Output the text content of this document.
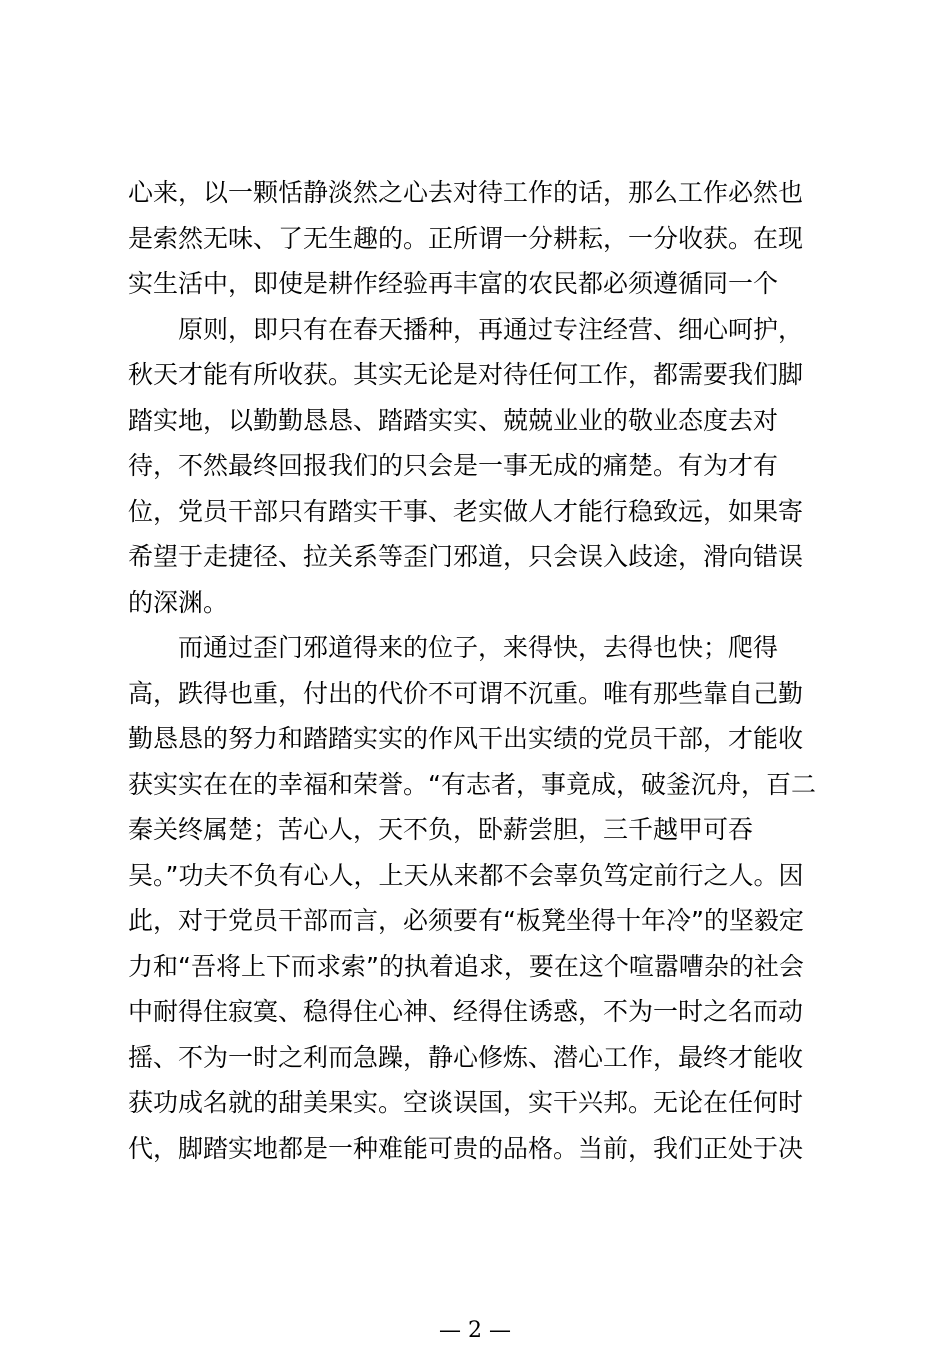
心来，以一颗恬静淡然之心去对待工作的话，那么工作必然也
是索然无味、了无生趣的。正所谓一分耕耘，一分收获。在现
实生活中，即使是耕作经验再丰富的农民都必须遵循同一个
　　原则，即只有在春天播种，再通过专注经营、细心呵护，
秋天才能有所收获。其实无论是对待任何工作，都需要我们脚
踏实地，以勤勤恳恳、踏踏实实、兢兢业业的敬业态度去对
待，不然最终回报我们的只会是一事无成的痛楚。有为才有
位，党员干部只有踏实干事、老实做人才能行稳致远，如果寄
希望于走捷径、拉关系等歪门邪道，只会误入歧途，滑向错误
的深渊。
　　而通过歪门邪道得来的位子，来得快，去得也快；爬得
高，跌得也重，付出的代价不可谓不沉重。唯有那些靠自己勤
勤恳恳的努力和踏踏实实的作风干出实绩的党员干部，才能收
获实实在在的幸福和荣誉。“有志者，事竟成，破釜沉舟，百二
秦关终属楚；苦心人，天不负，卧薪尝胆，三千越甲可吞
吴。”功夫不负有心人，上天从来都不会辜负笃定前行之人。因
此，对于党员干部而言，必须要有“板凳坐得十年冷”的坚毅定
力和“吾将上下而求索”的执着追求，要在这个喧嚣嘈杂的社会
中耐得住寂寞、稳得住心神、经得住诱惑，不为一时之名而动
摇、不为一时之利而急躁，静心修炼、潜心工作，最终才能收
获功成名就的甜美果实。空谈误国，实干兴邦。无论在任何时
代，脚踏实地都是一种难能可贵的品格。当前，我们正处于决
— 2 —
